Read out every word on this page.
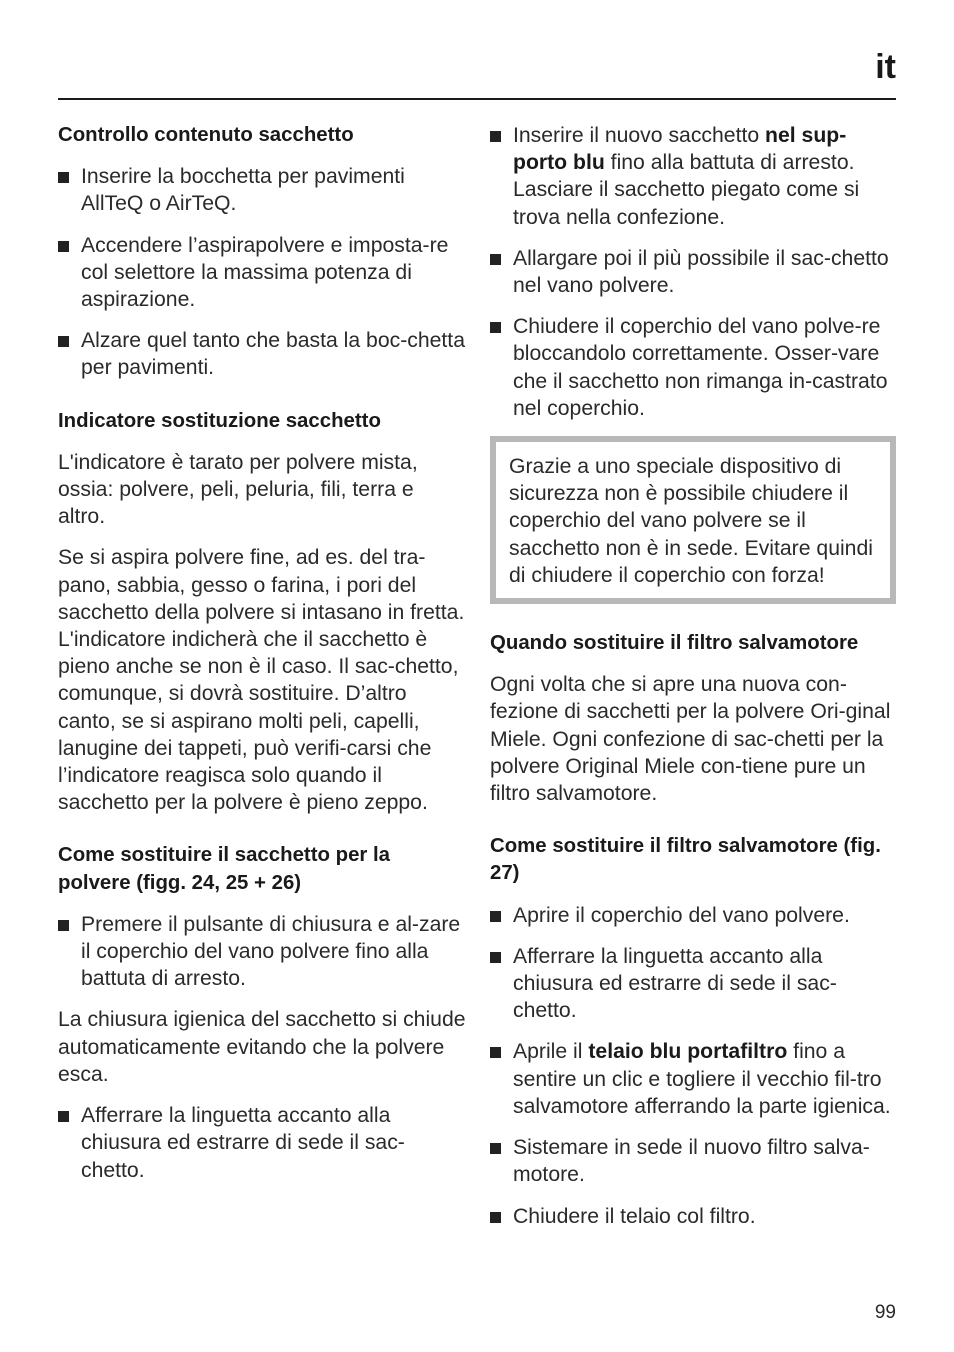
it
Controllo contenuto sacchetto
Inserire la bocchetta per pavimenti AllTeQ o AirTeQ.
Accendere l’aspirapolvere e imposta-re col selettore la massima potenza di aspirazione.
Alzare quel tanto che basta la boc-chetta per pavimenti.
Indicatore sostituzione sacchetto

L'indicatore è tarato per polvere mista, ossia: polvere, peli, peluria, fili, terra e altro.

Se si aspira polvere fine, ad es. del tra-pano, sabbia, gesso o farina, i pori del sacchetto della polvere si intasano in fretta.

L'indicatore indicherà che il sacchetto è pieno anche se non è il caso. Il sac-chetto, comunque, si dovrà sostituire. D’altro canto, se si aspirano molti peli, capelli, lanugine dei tappeti, può verifi-carsi che l’indicatore reagisca solo quando il sacchetto per la polvere è pieno zeppo.

Come sostituire il sacchetto per la polvere (figg. 24, 25 + 26)
Premere il pulsante di chiusura e al-zare il coperchio del vano polvere fino alla battuta di arresto.

La chiusura igienica del sacchetto si chiude automaticamente evitando che la polvere esca.

Afferrare la linguetta accanto alla chiusura ed estrarre di sede il sac-chetto.
Inserire il nuovo sacchetto nel sup-porto blu fino alla battuta di arresto. Lasciare il sacchetto piegato come si trova nella confezione.
Allargare poi il più possibile il sac-chetto nel vano polvere.
Chiudere il coperchio del vano polve-re bloccandolo correttamente. Osser-vare che il sacchetto non rimanga in-castrato nel coperchio.

Grazie a uno speciale dispositivo di sicurezza non è possibile chiudere il coperchio del vano polvere se il sacchetto non è in sede. Evitare quindi di chiudere il coperchio con forza!

Quando sostituire il filtro salvamotore

Ogni volta che si apre una nuova con-fezione di sacchetti per la polvere Ori-ginal Miele. Ogni confezione di sac-chetti per la polvere Original Miele con-tiene pure un filtro salvamotore.

Come sostituire il filtro salvamotore (fig. 27)
Aprire il coperchio del vano polvere.
Afferrare la linguetta accanto alla chiusura ed estrarre di sede il sac-chetto.
Aprile il telaio blu portafiltro fino a sentire un clic e togliere il vecchio fil-tro salvamotore afferrando la parte igienica.
Sistemare in sede il nuovo filtro salva-motore.
Chiudere il telaio col filtro.
99
